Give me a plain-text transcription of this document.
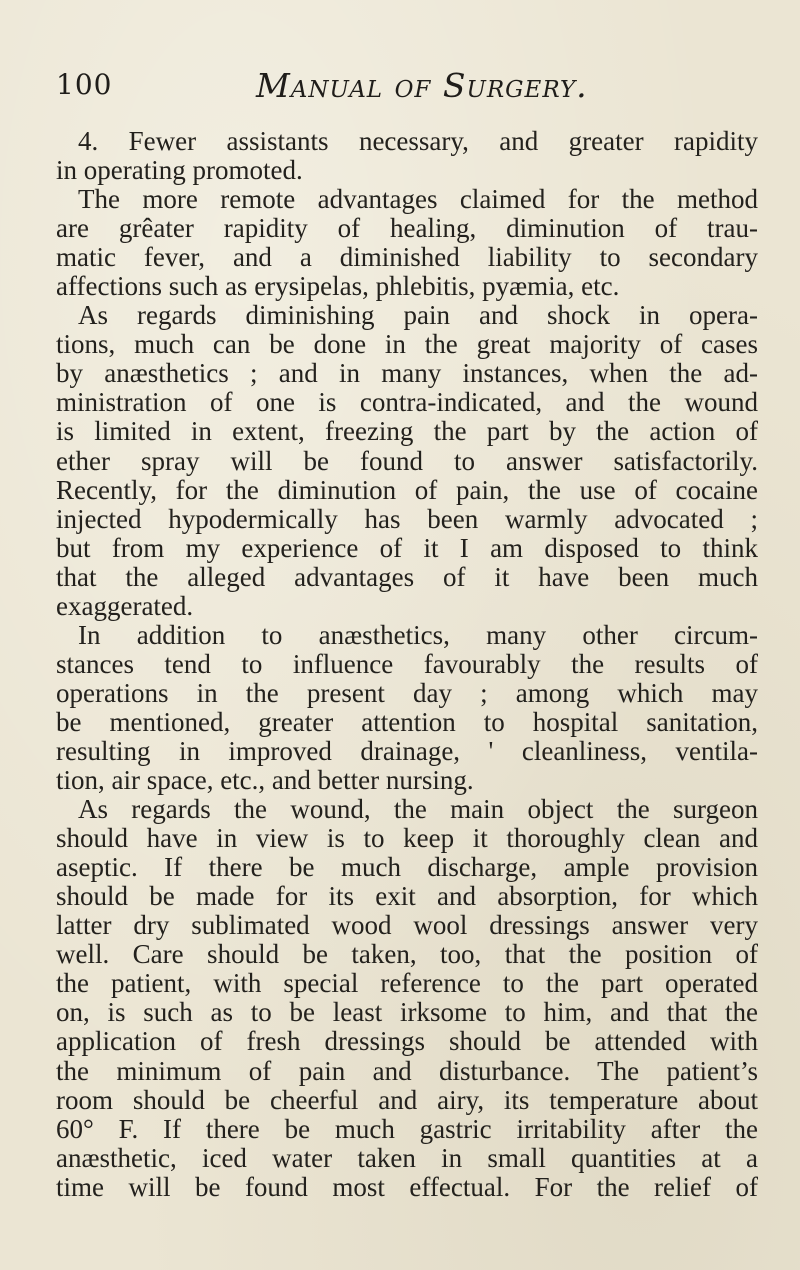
100	Manual of Surgery.
4. Fewer assistants necessary, and greater rapidity
in operating promoted.
The more remote advantages claimed for the method
are grêater rapidity of healing, diminution of trau-
matic fever, and a diminished liability to secondary
affections such as erysipelas, phlebitis, pyæmia, etc.
As regards diminishing pain and shock in opera-
tions, much can be done in the great majority of cases
by anæsthetics ; and in many instances, when the ad-
ministration of one is contra-indicated, and the wound
is limited in extent, freezing the part by the action of
ether spray will be found to answer satisfactorily.
Recently, for the diminution of pain, the use of cocaine
injected hypodermically has been warmly advocated ;
but from my experience of it I am disposed to think
that the alleged advantages of it have been much
exaggerated.
In addition to anæsthetics, many other circum-
stances tend to influence favourably the results of
operations in the present day ; among which may
be mentioned, greater attention to hospital sanitation,
resulting in improved drainage, ' cleanliness, ventila-
tion, air space, etc., and better nursing.
As regards the wound, the main object the surgeon
should have in view is to keep it thoroughly clean and
aseptic. If there be much discharge, ample provision
should be made for its exit and absorption, for which
latter dry sublimated wood wool dressings answer very
well. Care should be taken, too, that the position of
the patient, with special reference to the part operated
on, is such as to be least irksome to him, and that the
application of fresh dressings should be attended with
the minimum of pain and disturbance. The patient’s
room should be cheerful and airy, its temperature about
60° F. If there be much gastric irritability after the
anæsthetic, iced water taken in small quantities at a
time will be found most effectual. For the relief of
